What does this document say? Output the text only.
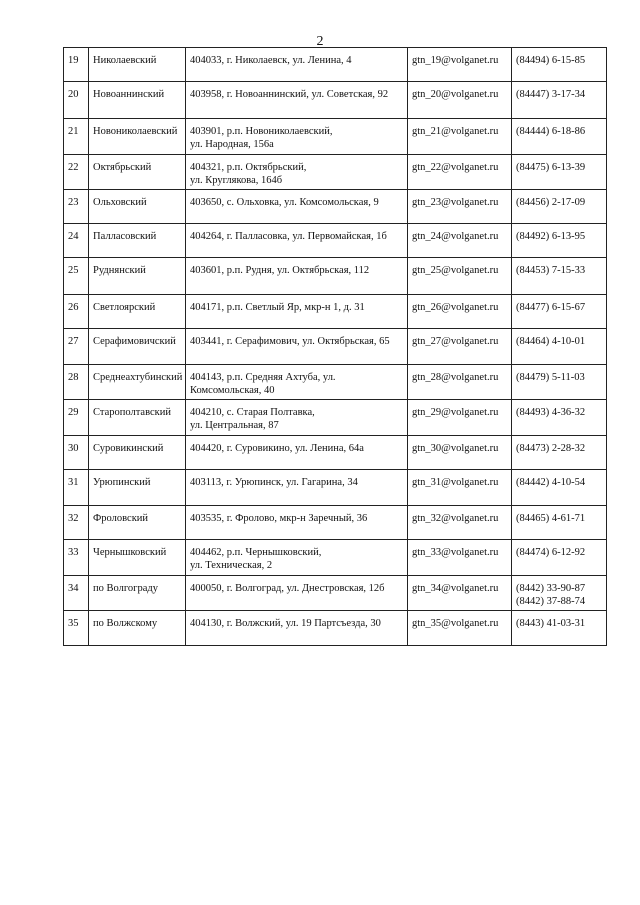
2
19	Николаевский	404033, г. Николаевск, ул. Ленина, 4	gtn_19@volganet.ru	(84494) 6-15-85

20	Новоаннинский	403958, г. Новоаннинский, ул. Советская, 92	gtn_20@volganet.ru	(84447) 3-17-34

21	Новониколаевский	403901, р.п. Новониколаевский,
ул. Народная, 156а	gtn_21@volganet.ru	(84444) 6-18-86

22	Октябрьский	404321, р.п. Октябрьский,
ул. Круглякова, 164б	gtn_22@volganet.ru	(84475) 6-13-39

23	Ольховский	403650, с. Ольховка, ул. Комсомольская, 9	gtn_23@volganet.ru	(84456) 2-17-09

24	Палласовский	404264, г. Палласовка, ул. Первомайская, 1б	gtn_24@volganet.ru	(84492) 6-13-95

25	Руднянский	403601, р.п. Рудня, ул. Октябрьская, 112	gtn_25@volganet.ru	(84453) 7-15-33

26	Светлоярский	404171, р.п. Светлый Яр, мкр-н 1, д. 31	gtn_26@volganet.ru	(84477) 6-15-67

27	Серафимовичский	403441, г. Серафимович, ул. Октябрьская, 65	gtn_27@volganet.ru	(84464) 4-10-01

28	Среднеахтубинский	404143, р.п. Средняя Ахтуба, ул.
Комсомольская, 40	gtn_28@volganet.ru	(84479) 5-11-03

29	Старополтавский	404210, с. Старая Полтавка,
ул. Центральная, 87	gtn_29@volganet.ru	(84493) 4-36-32

30	Суровикинский	404420, г. Суровикино, ул. Ленина, 64а	gtn_30@volganet.ru	(84473) 2-28-32

31	Урюпинский	403113, г. Урюпинск, ул. Гагарина, 34	gtn_31@volganet.ru	(84442) 4-10-54

32	Фроловский	403535, г. Фролово, мкр-н Заречный, 36	gtn_32@volganet.ru	(84465) 4-61-71

33	Чернышковский	404462, р.п. Чернышковский,
ул. Техническая, 2	gtn_33@volganet.ru	(84474) 6-12-92

34	по Волгограду	400050, г. Волгоград, ул. Днестровская, 12б	gtn_34@volganet.ru	(8442) 33-90-87
(8442) 37-88-74

35	по Волжскому	404130, г. Волжский, ул. 19 Партсъезда, 30	gtn_35@volganet.ru	(8443) 41-03-31
